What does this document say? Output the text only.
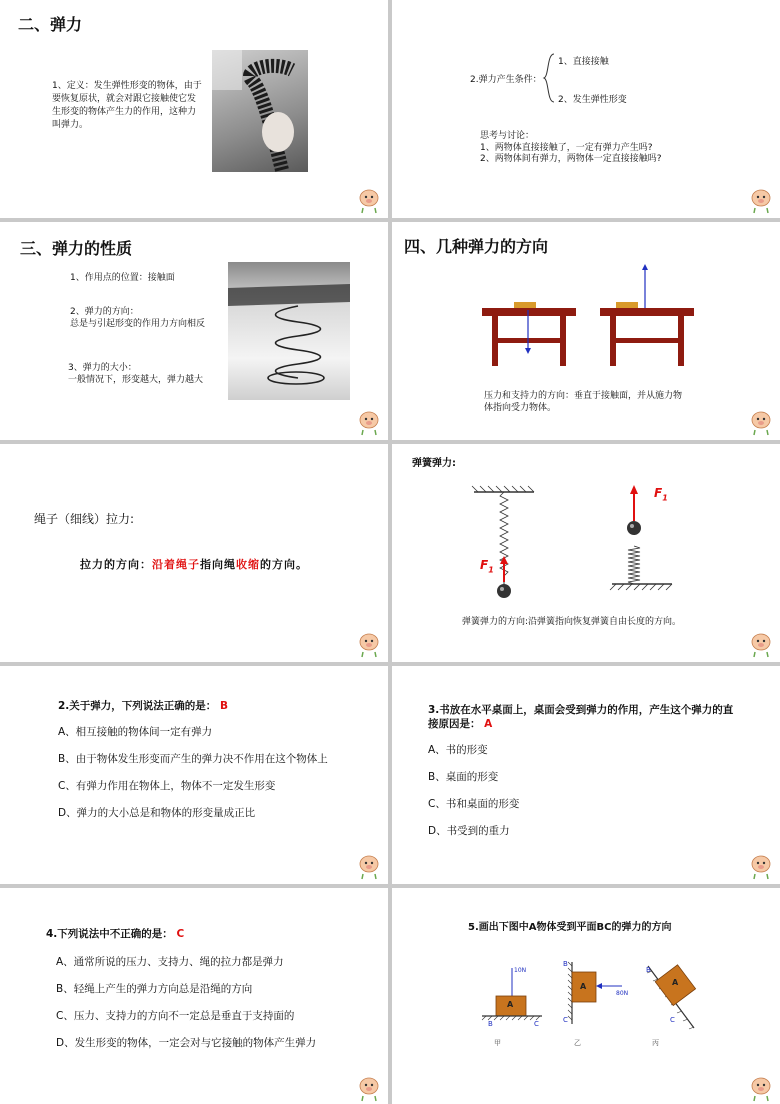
二、弹力
1、定义：发生弹性形变的物体，由于要恢复原状，就会对跟它接触使它发生形变的物体产生力的作用，这种力叫弹力。
2.弹力产生条件：
1、直接接触
2、发生弹性形变
思考与讨论：
1、两物体直接接触了，一定有弹力产生吗?
2、两物体间有弹力，两物体一定直接接触吗?
三、弹力的性质
1、作用点的位置：接触面
2、弹力的方向：
总是与引起形变的作用力方向相反
3、弹力的大小：
一般情况下，形变越大，弹力越大
四、几种弹力的方向
压力和支持力的方向：垂直于接触面，并从施力物
体指向受力物体。
绳子（细线）拉力:
拉力的方向：沿着绳子指向绳收缩的方向。
弹簧弹力:
$F_1$
$F_1$
弹簧弹力的方向:沿弹簧指向恢复弹簧自由长度的方向。
2.关于弹力，下列说法正确的是： B
A、相互接触的物体间一定有弹力
B、由于物体发生形变而产生的弹力决不作用在这个物体上
C、有弹力作用在物体上，物体不一定发生形变
D、弹力的大小总是和物体的形变量成正比
3.书放在水平桌面上，桌面会受到弹力的作用，产生这个弹力的直
接原因是： A
A、书的形变
B、桌面的形变
C、书和桌面的形变
D、书受到的重力
4.下列说法中不正确的是： C
A、通常所说的压力、支持力、绳的拉力都是弹力
B、轻绳上产生的弹力方向总是沿绳的方向
C、压力、支持力的方向不一定总是垂直于支持面的
D、发生形变的物体，一定会对与它接触的物体产生弹力
5.画出下图中A物体受到平面BC的弹力的方向
10N
A
B	C
甲
B
C
A
80N
乙
B
C
A
丙
